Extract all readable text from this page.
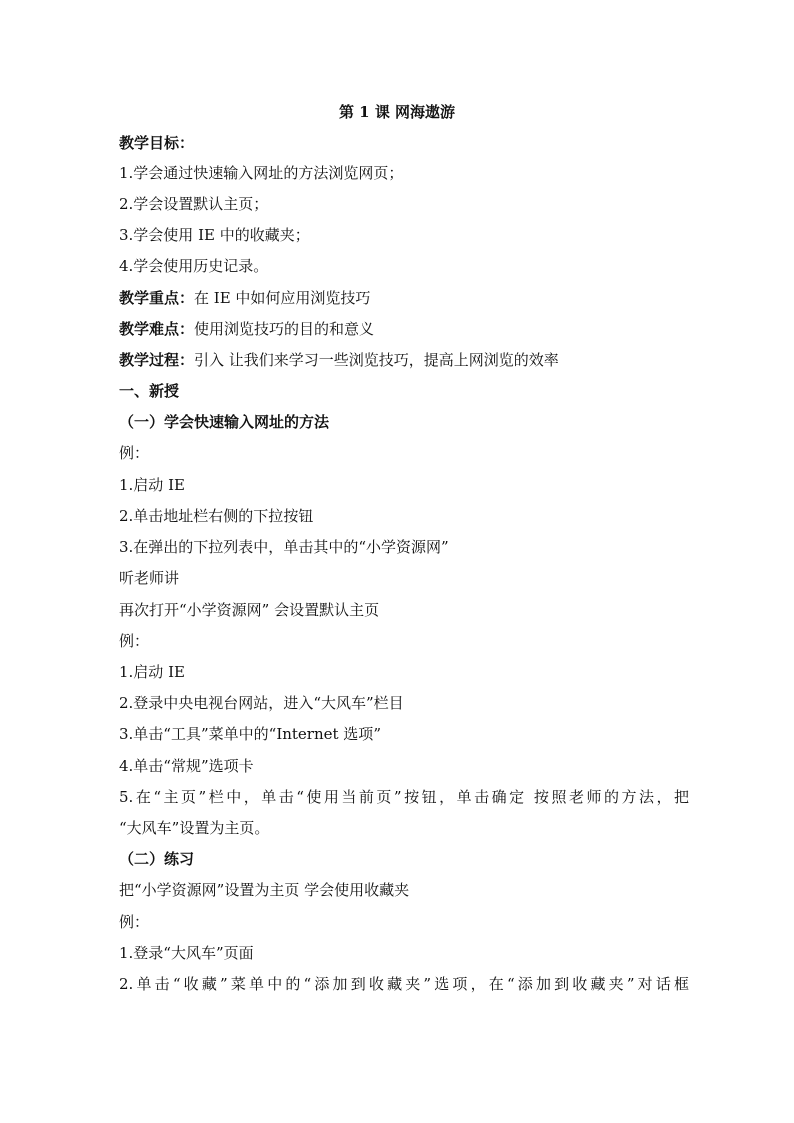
第 1 课 网海遨游
教学目标：
1.学会通过快速输入网址的方法浏览网页；
2.学会设置默认主页；
3.学会使用 IE 中的收藏夹；
4.学会使用历史记录。
教学重点：在 IE 中如何应用浏览技巧
教学难点：使用浏览技巧的目的和意义
教学过程：引入 让我们来学习一些浏览技巧，提高上网浏览的效率
一、新授
（一）学会快速输入网址的方法
例：
1.启动 IE
2.单击地址栏右侧的下拉按钮
3.在弹出的下拉列表中，单击其中的“小学资源网”
听老师讲
再次打开“小学资源网” 会设置默认主页
例：
1.启动 IE
2.登录中央电视台网站，进入“大风车”栏目
3.单击“工具”菜单中的“Internet 选项”
4.单击“常规”选项卡
5.在“主页”栏中，单击“使用当前页”按钮，单击确定 按照老师的方法，把
“大风车”设置为主页。
（二）练习
把“小学资源网”设置为主页 学会使用收藏夹
例：
1.登录“大风车”页面
2.单击“收藏”菜单中的“添加到收藏夹”选项，在“添加到收藏夹”对话框
